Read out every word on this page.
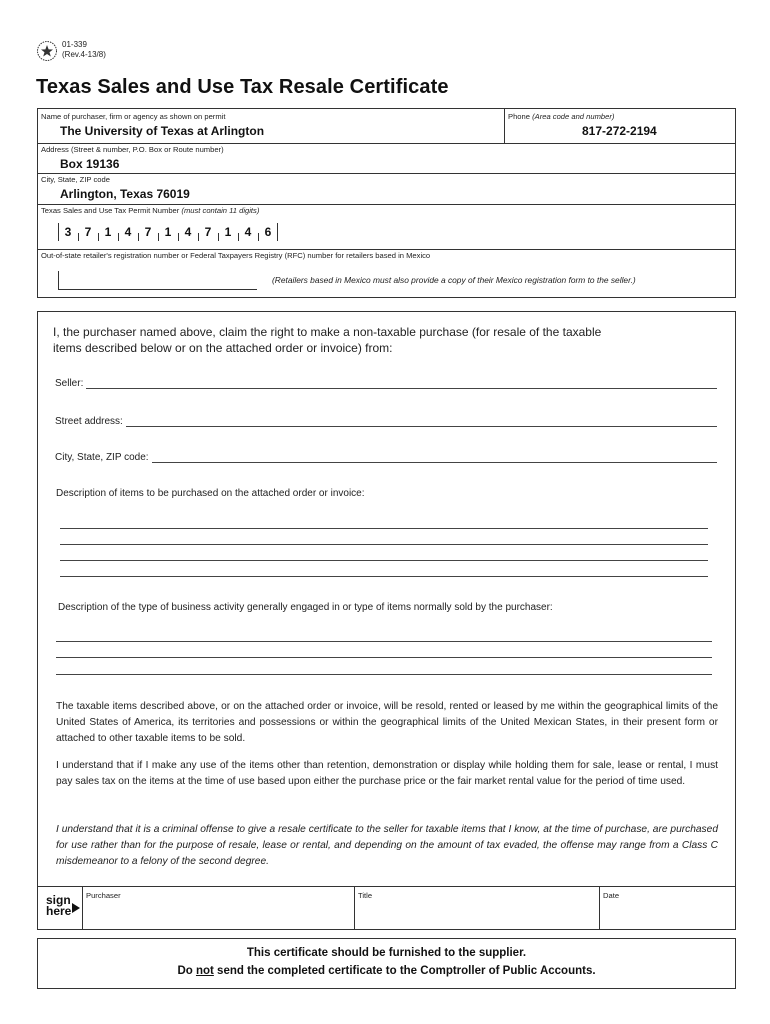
01-339
(Rev.4-13/8)
Texas Sales and Use Tax Resale Certificate
Name of purchaser, firm or agency as shown on permit
The University of Texas at Arlington
Phone (Area code and number)
817-272-2194
Address (Street & number, P.O. Box or Route number)
Box 19136
City, State, ZIP code
Arlington, Texas 76019
Texas Sales and Use Tax Permit Number (must contain 11 digits)
3	7	1	4	7	1	4	7	1	4	6
Out-of-state retailer's registration number or Federal Taxpayers Registry (RFC) number for retailers based in Mexico
(Retailers based in Mexico must also provide a copy of their Mexico registration form to the seller.)
I, the purchaser named above, claim the right to make a non-taxable purchase (for resale of the taxable
items described below or on the attached order or invoice) from:
Seller:
Street address:
City, State, ZIP code:
Description of items to be purchased on the attached order or invoice:
Description of the type of business activity generally engaged in or type of items normally sold by the purchaser:
The taxable items described above, or on the attached order or invoice, will be resold, rented or leased by me within the geographical limits of the United States of America, its territories and possessions or within the geographical limits of the United Mexican States, in their present form or attached to other taxable items to be sold.
I understand that if I make any use of the items other than retention, demonstration or display while holding them for sale, lease or rental, I must pay sales tax on the items at the time of use based upon either the purchase price or the fair market rental value for the period of time used.
I understand that it is a criminal offense to give a resale certificate to the seller for taxable items that I know, at the time of purchase, are purchased for use rather than for the purpose of resale, lease or rental, and depending on the amount of tax evaded, the offense may range from a Class C misdemeanor to a felony of the second degree.
sign
here
Purchaser	Title	Date
This certificate should be furnished to the supplier.
Do not send the completed certificate to the Comptroller of Public Accounts.
